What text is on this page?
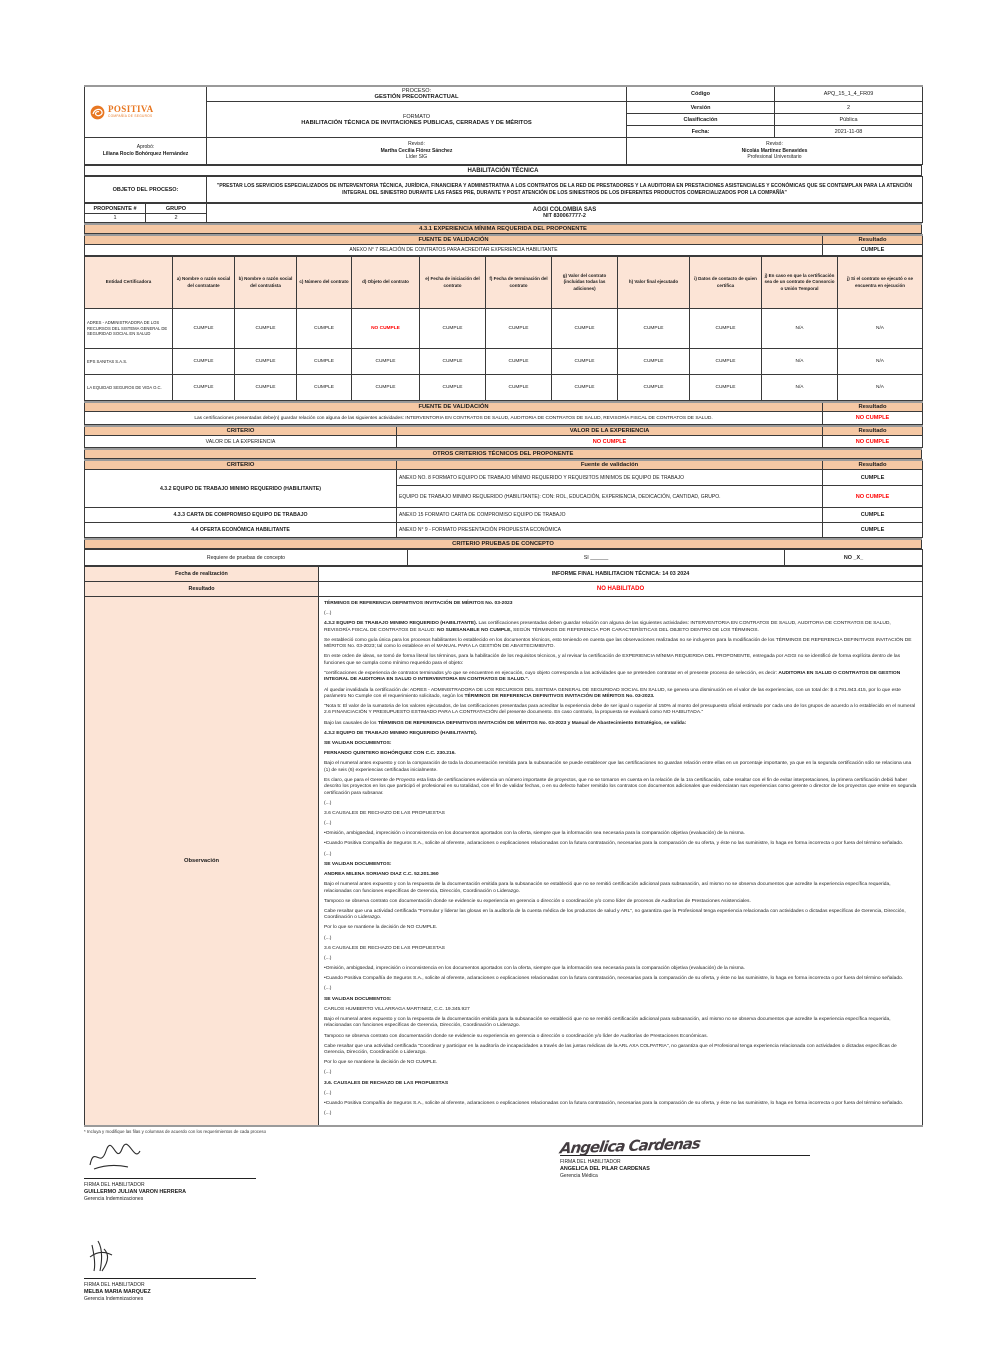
POSITIVA
COMPAÑÍA DE SEGUROS

PROCESO:
GESTIÓN PRECONTRACTUAL	Código	APQ_15_1_4_FR09

	FORMATO
HABILITACIÓN TÉCNICA DE INVITACIONES PUBLICAS, CERRADAS Y DE MÉRITOS	Versión	2
		Clasificación	Pública
		Fecha:	2021-11-08

Aprobó:
Liliana Rocío Bohórquez Hernández

Revisó:
Martha Cecilia Flórez Sánchez
Líder SIG

Revisó:
Nicolás Martínez Benavides
Profesional Universitario
HABILITACIÓN TÉCNICA
OBJETO DEL PROCESO:	"PRESTAR LOS SERVICIOS ESPECIALIZADOS DE INTERVENTORIA TÉCNICA, JURÍDICA, FINANCIERA Y ADMINISTRATIVA A LOS CONTRATOS DE LA RED DE PRESTADORES Y LA AUDITORIA EN PRESTACIONES ASISTENCIALES Y ECONÓMICAS QUE SE CONTEMPLAN PARA LA ATENCIÓN INTEGRAL DEL SINIESTRO DURANTE LAS FASES PRE, DURANTE Y POST ATENCIÓN DE LOS SINIESTROS DE LOS DIFERENTES PRODUCTOS COMERCIALIZADOS POR LA COMPAÑÍA"
PROPONENTE #	GRUPO	AGGI COLOMBIA SAS
NIT 830067777-2

1	2	
4.3.1 EXPERIENCIA MÍNIMA REQUERIDA DEL PROPONENTE
FUENTE DE VALIDACIÓN	Resultado
ANEXO N° 7 RELACIÓN DE CONTRATOS PARA ACREDITAR EXPERIENCIA HABILITANTE	CUMPLE
Entidad Certificadora	a) Nombre o razón social del contratante	b) Nombre o razón social del contratista	c) Número del contrato	d) Objeto del contrato	e) Fecha de iniciación del contrato	f) Fecha de terminación del contrato	g) Valor del contrato (incluidas todas las adiciones)	h) Valor final ejecutado	i) Datos de contacto de quien certifica	j) En caso en que la certificación sea de un contrato de Consorcio o Unión Temporal	j) Si el contrato se ejecutó o se encuentra en ejecución
ADRES - ADMINISTRADORA DE LOS RECURSOS DEL SISTEMA GENERAL DE SEGURIDAD SOCIAL EN SALUD	CUMPLE	CUMPLE	CUMPLE	NO CUMPLE	CUMPLE	CUMPLE	CUMPLE	CUMPLE	CUMPLE	N/A	N/A
EPS SANITAS S.A.S.	CUMPLE	CUMPLE	CUMPLE	CUMPLE	CUMPLE	CUMPLE	CUMPLE	CUMPLE	CUMPLE	N/A	N/A
LA EQUIDAD SEGUROS DE VIDA O.C.	CUMPLE	CUMPLE	CUMPLE	CUMPLE	CUMPLE	CUMPLE	CUMPLE	CUMPLE	CUMPLE	N/A	N/A
FUENTE DE VALIDACIÓN	Resultado
Las certificaciones presentadas debe(n) guardar relación con alguna de las siguientes actividades: INTERVENTORIA EN CONTRATOS DE SALUD, AUDITORIA DE CONTRATOS DE SALUD, REVISORÍA FISCAL DE CONTRATOS DE SALUD.	NO CUMPLE
CRITERIO	VALOR DE LA EXPERIENCIA	Resultado
VALOR DE LA EXPERIENCIA	NO CUMPLE	NO CUMPLE
OTROS CRITERIOS TÉCNICOS DEL PROPONENTE
CRITERIO	Fuente de validación	Resultado
4.3.2 EQUIPO DE TRABAJO MINIMO REQUERIDO (HABILITANTE)	ANEXO NO. 8 FORMATO EQUIPO DE TRABAJO MÍNIMO REQUERIDO Y REQUISITOS MINIMOS DE EQUIPO DE TRABAJO	CUMPLE
	EQUIPO DE TRABAJO MINIMO REQUERIDO (HABILITANTE): CON: ROL, EDUCACIÓN, EXPERIENCIA, DEDICACIÓN, CANTIDAD, GRUPO.	NO CUMPLE
4.3.3 CARTA DE COMPROMISO EQUIPO DE TRABAJO	ANEXO 15 FORMATO CARTA DE COMPROMISO EQUIPO DE TRABAJO	CUMPLE
4.4 OFERTA ECONÓMICA HABILITANTE	ANEXO N° 9 - FORMATO PRESENTACIÓN PROPUESTA ECONÓMICA	CUMPLE
CRITERIO PRUEBAS DE CONCEPTO
Requiere de pruebas de concepto	SI ______	NO _X_
Fecha de realización	INFORME FINAL HABILITACION TÉCNICA: 14 03 2024
Resultado	NO HABILITADO
Observación	

TÉRMINOS DE REFERENCIA DEFINITIVOS INVITACIÓN DE MÉRITOS No. 03-2023

(...)

4.3.2 EQUIPO DE TRABAJO MINIMO REQUERIDO (HABILITANTE). Las certificaciones presentadas deben guardar relación con alguna de las siguientes actividades: INTERVENTORIA EN CONTRATOS DE SALUD, AUDITORIA DE CONTRATOS DE SALUD, REVISORÍA FISCAL DE CONTRATOS DE SALUD: NO SUBSANABLE NO CUMPLE, SEGÚN TÉRMINOS DE REFERENCIA POR CARACTERÍSTICAS DEL OBJETO DENTRO DE LOS TÉRMINOS.

Se estableció como guía única para los procesos habilitantes lo establecido en los documentos técnicos, esto teniendo en cuenta que las observaciones realizadas no se incluyeron para la modificación de los TÉRMINOS DE REFERENCIA DEFINITIVOS INVITACIÓN DE MÉRITOS No. 03-2023; tal como lo establece en el MANUAL PARA LA GESTIÓN DE ABASTECIMIENTO.

En este orden de ideas, se tomó de forma literal los términos, para la habilitación de los requisitos técnicos, y al revisar la certificación de EXPERIENCIA MÍNIMA REQUERIDA DEL PROPONENTE, entregada por AGGI no se identificó de forma explícita dentro de las funciones que se cumpla como mínimo requerido para el objeto:

"certificaciones de experiencia de contratos terminados y/o que se encuentren en ejecución, cuyo objeto corresponda a las actividades que se pretenden contratar en el presente proceso de selección, es decir: AUDITORIA EN SALUD O CONTRATOS DE GESTION INTEGRAL DE AUDITORIA EN SALUD O INTERVENTORIA EN CONTRATOS DE SALUD.".

Al quedar invalidada la certificación de: ADRES - ADMINISTRADORA DE LOS RECURSOS DEL SISTEMA GENERAL DE SEGURIDAD SOCIAL EN SALUD, se genera una disminución en el valor de las experiencias, con un total de: $ 4.791.943.415, por lo que este parámetro No Cumple con el requerimiento solicitado, según los TÉRMINOS DE REFERENCIA DEFINITIVOS INVITACIÓN DE MÉRITOS No. 03-2023.

"Nota 5: El valor de la sumatoria de los valores ejecutados, de las certificaciones presentadas para acreditar la experiencia debe de ser igual o superior al 150% al monto del presupuesto oficial estimado por cada uno de los grupos de acuerdo a lo establecido en el numeral 2.6 FINANCIACIÓN Y PRESUPUESTO ESTIMADO PARA LA CONTRATACIÓN del presente documento. En caso contrario, la propuesta se evaluará como NO HABILITADA."

Bajo las causales de los TÉRMINOS DE REFERENCIA DEFINITIVOS INVITACIÓN DE MÉRITOS No. 03-2023 y Manual de Abastecimiento Estratégico, se valida:

4.3.2 EQUIPO DE TRABAJO MINIMO REQUERIDO (HABILITANTE).

SE VALIDAN DOCUMENTOS:

FERNANDO QUINTERO BOHÓRQUEZ CON C.C. 230.216.

Bajo el numeral antes expuesto y con la comparación de toda la documentación remitida para la subsanación se puede establecer que las certificaciones no guardan relación entre ellas en un porcentaje importante, ya que en la segunda certificación sólo se relaciona una (1) de seis (6) experiencias certificadas inicialmente.

Es claro, que para el Gerente de Proyecto esta lista de certificaciones evidencia un número importante de proyectos, que no se tomaron en cuenta en la relación de la 1ra certificación, cabe resaltar con el fin de evitar interpretaciones, la primera certificación debió haber descrito los proyectos en los que participó el profesional en su totalidad, con el fin de validar fechas, o en su defecto haber remitido los contratos con documentos adicionales que evidenciaran sus experiencias como gerente o director de los proyectos que emite en segunda certificación para subsanar.

(...)

3.6 CAUSALES DE RECHAZO DE LAS PROPUESTAS

(...)

•Omisión, ambigüedad, imprecisión o inconsistencia en los documentos aportados con la oferta, siempre que la información sea necesaria para la comparación objetiva (evaluación) de la misma.

•Cuando Positiva Compañía de Seguros S.A., solicite al oferente, aclaraciones o explicaciones relacionadas con la futura contratación, necesarias para la comparación de su oferta, y éste no las suministre, lo haga en forma incorrecta o por fuera del término señalado.

(...)

SE VALIDAN DOCUMENTOS:

ANDREA MILENA SORIANO DIAZ C.C. 52.201.360

Bajo el numeral antes expuesto y con la respuesta de la documentación emitida para la subsanación se estableció que no se remitió certificación adicional para subsanación, así mismo no se observa documentos que acredite la experiencia específica requerida, relacionadas con funciones específicas de Gerencia, Dirección, Coordinación o Liderazgo.

Tampoco se observa contrato con documentación donde se evidencie su experiencia en gerencia o dirección o coordinación y/o como líder de procesos de Auditorías de Prestaciones Asistenciales.

Cabe resaltar que una actividad certificada "Formular y liderar las glosas en la auditoría de la cuenta médica de los productos de salud y ARL", no garantiza que la Profesional tenga experiencia relacionada con actividades o dictadas específicas de Gerencia, Dirección, Coordinación o Liderazgo.

Por lo que se mantiene la decisión de NO CUMPLE.

(...)

3.6 CAUSALES DE RECHAZO DE LAS PROPUESTAS

(...)

•Omisión, ambigüedad, imprecisión o inconsistencia en los documentos aportados con la oferta, siempre que la información sea necesaria para la comparación objetiva (evaluación) de la misma.

•Cuando Positiva Compañía de Seguros S.A., solicite al oferente, aclaraciones o explicaciones relacionadas con la futura contratación, necesarias para la comparación de su oferta, y éste no las suministre, lo haga en forma incorrecta o por fuera del término señalado.

(...)

SE VALIDAN DOCUMENTOS:

CARLOS HUMBERTO VILLARRAGA MARTINEZ, C.C. 19.345.927

Bajo el numeral antes expuesto y con la respuesta de la documentación emitida para la subsanación se estableció que no se remitió certificación adicional para subsanación, así mismo no se observa documentos que acredite la experiencia específica requerida, relacionadas con funciones específicas de Gerencia, Dirección, Coordinación o Liderazgo.

Tampoco se observa contrato con documentación donde se evidencie su experiencia en gerencia o dirección o coordinación y/o líder de Auditorías de Prestaciones Económicas.

Cabe resaltar que una actividad certificada "Coordinar y participar en la auditoría de incapacidades a través de las juntas médicas de la ARL AXA COLPATRIA", no garantiza que el Profesional tenga experiencia relacionada con actividades o dictadas específicas de Gerencia, Dirección, Coordinación o Liderazgo.

Por lo que se mantiene la decisión de NO CUMPLE.

(...)

3.6. CAUSALES DE RECHAZO DE LAS PROPUESTAS

(...)

•Cuando Positiva Compañía de Seguros S.A., solicite al oferente, aclaraciones o explicaciones relacionadas con la futura contratación, necesarias para la comparación de su oferta, y éste no las suministre, lo haga en forma incorrecta o por fuera del término señalado.

(...)

* Incluya y modifique las filas y columnas de acuerdo con los requerimientos de cada proceso
FIRMA DEL HABILITADOR
GUILLERMO JULIAN VARON HERRERA
Gerencia Indemnizaciones
FIRMA DEL HABILITADOR
MELBA MARIA MARQUEZ
Gerencia Indemnizaciones
Angelica Cardenas
FIRMA DEL HABILITADOR
ANGELICA DEL PILAR CARDENAS
Gerencia Médica
